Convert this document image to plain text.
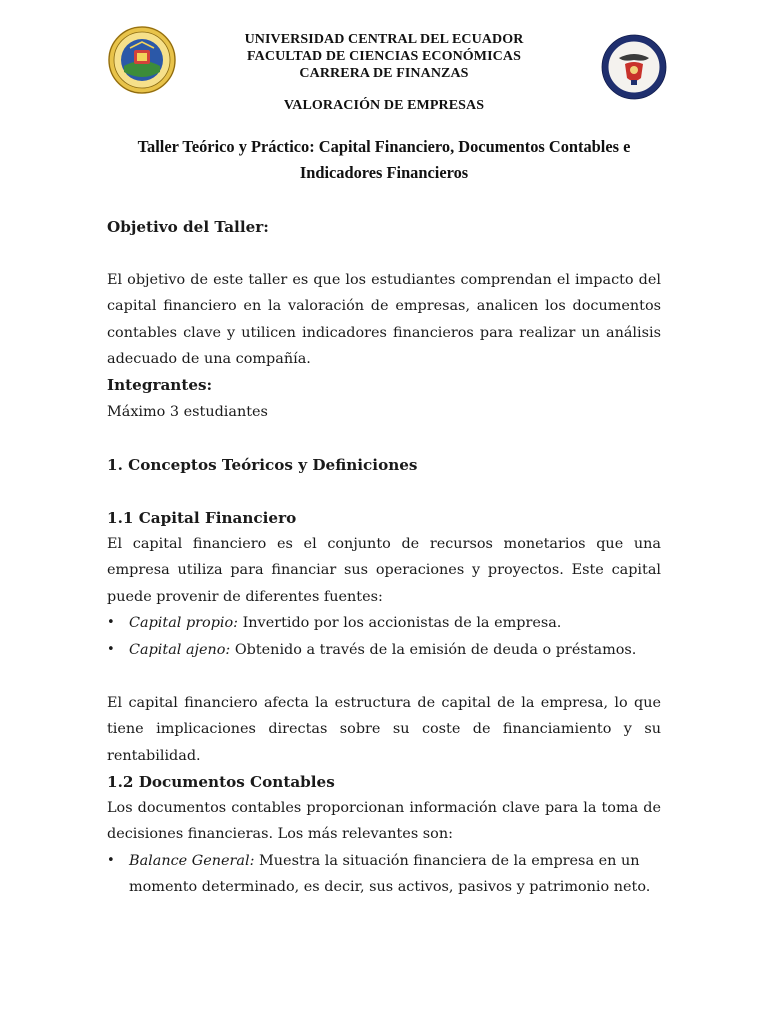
UNIVERSIDAD CENTRAL DEL ECUADOR
FACULTAD DE CIENCIAS ECONÓMICAS
CARRERA DE FINANZAS
VALORACIÓN DE EMPRESAS
Taller Teórico y Práctico: Capital Financiero, Documentos Contables e
Indicadores Financieros
Objetivo del Taller:
El objetivo de este taller es que los estudiantes comprendan el impacto del capital financiero en la valoración de empresas, analicen los documentos contables clave y utilicen indicadores financieros para realizar un análisis adecuado de una compañía.
Integrantes:
Máximo 3 estudiantes
1. Conceptos Teóricos y Definiciones
1.1 Capital Financiero
El capital financiero es el conjunto de recursos monetarios que una empresa utiliza para financiar sus operaciones y proyectos. Este capital puede provenir de diferentes fuentes:
• Capital propio: Invertido por los accionistas de la empresa.
• Capital ajeno: Obtenido a través de la emisión de deuda o préstamos.
El capital financiero afecta la estructura de capital de la empresa, lo que tiene implicaciones directas sobre su coste de financiamiento y su rentabilidad.
1.2 Documentos Contables
Los documentos contables proporcionan información clave para la toma de decisiones financieras. Los más relevantes son:
• Balance General: Muestra la situación financiera de la empresa en un momento determinado, es decir, sus activos, pasivos y patrimonio neto.
